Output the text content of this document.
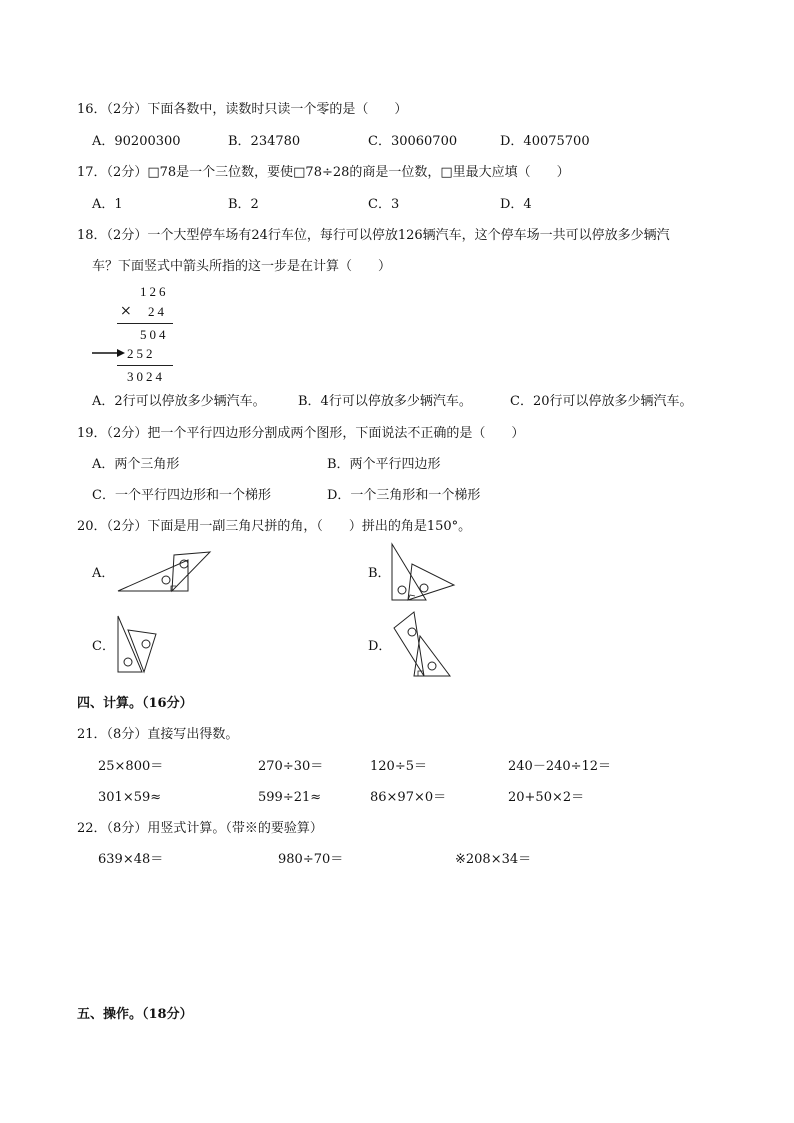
16．（2分）下面各数中，读数时只读一个零的是（　　）
A．90200300	B．234780	C．30060700	D．40075700
17．（2分）□78是一个三位数，要使□78÷28的商是一位数，□里最大应填（　　）
A．1	B．2	C．3	D．4
18．（2分）一个大型停车场有24行车位，每行可以停放126辆汽车，这个停车场一共可以停放多少辆汽
车？下面竖式中箭头所指的这一步是在计算（　　）
126
× 24
504
252
3024
A．2行可以停放多少辆汽车。 B．4行可以停放多少辆汽车。	C．20行可以停放多少辆汽车。
19．（2分）把一个平行四边形分割成两个图形，下面说法不正确的是（　　）
A．两个三角形	B．两个平行四边形
C．一个平行四边形和一个梯形	D．一个三角形和一个梯形
20．（2分）下面是用一副三角尺拼的角，（　　）拼出的角是150°。
A．	B．
C．	D．
四、计算。（16分）
21．（8分）直接写出得数。
25×800＝	270÷30＝	120÷5＝	240－240÷12＝
301×59≈	599÷21≈	86×97×0＝	20+50×2＝
22．（8分）用竖式计算。（带※的要验算）
639×48＝	980÷70＝	※208×34＝
五、操作。（18分）
